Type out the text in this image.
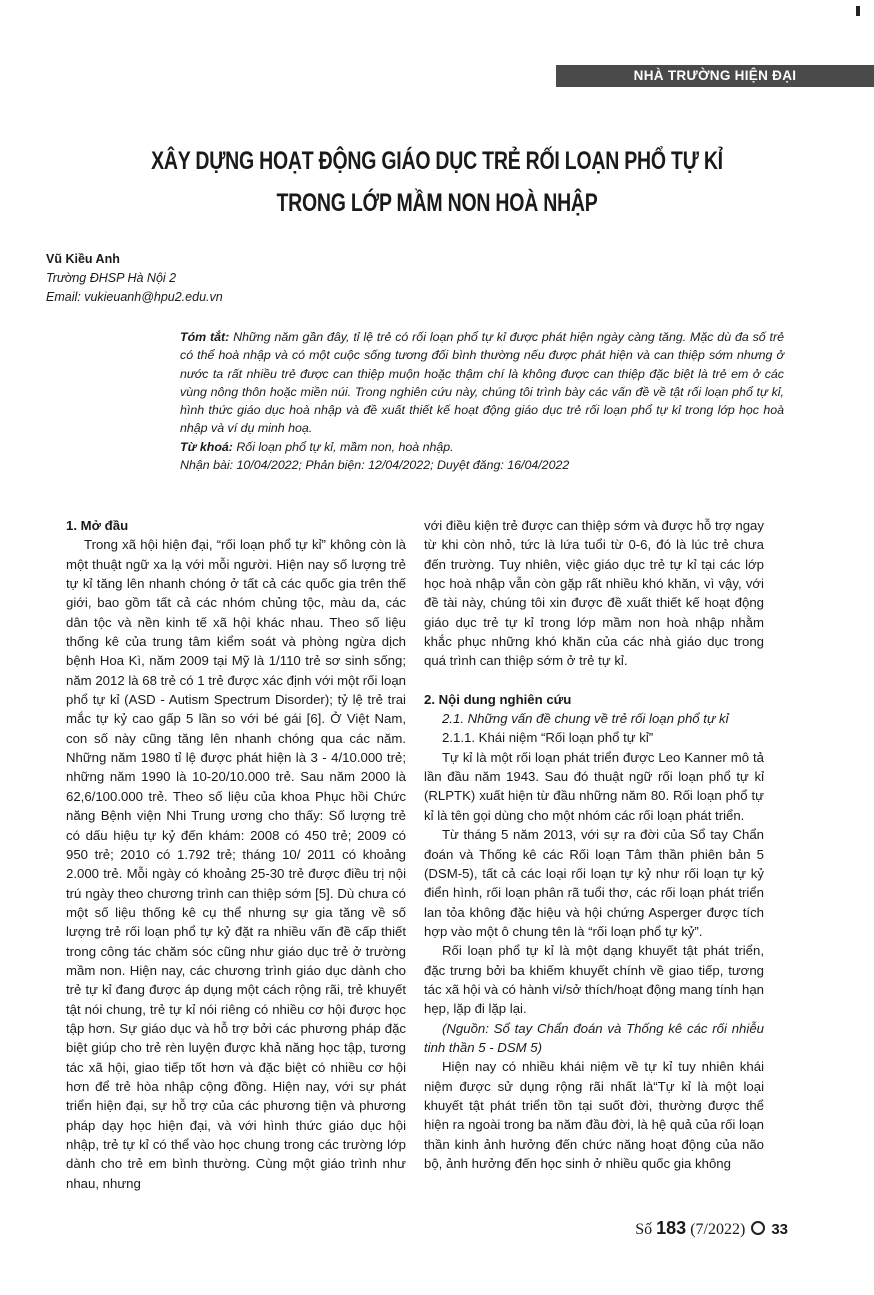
NHÀ TRƯỜNG HIỆN ĐẠI
XÂY DỰNG HOẠT ĐỘNG GIÁO DỤC TRẺ RỐI LOẠN PHỔ TỰ KỈ
TRONG LỚP MẦM NON HOÀ NHẬP
Vũ Kiều Anh
Trường ĐHSP Hà Nội 2
Email: vukieuanh@hpu2.edu.vn

Tóm tắt: Những năm gần đây, tỉ lệ trẻ có rối loạn phổ tự kỉ được phát hiện ngày càng tăng. Mặc dù đa số trẻ có thể hoà nhập và có một cuộc sống tương đối bình thường nếu được phát hiện và can thiệp sớm nhưng ở nước ta rất nhiều trẻ được can thiệp muộn hoặc thậm chí là không được can thiệp đặc biệt là trẻ em ở các vùng nông thôn hoặc miền núi. Trong nghiên cứu này, chúng tôi trình bày các vấn đề về tật rối loạn phổ tự kỉ, hình thức giáo dục hoà nhập và đề xuất thiết kế hoạt động giáo dục trẻ rối loạn phổ tự kỉ trong lớp học hoà nhập và ví dụ minh hoạ.

Từ khoá: Rối loạn phổ tự kỉ, mầm non, hoà nhập.

Nhận bài: 10/04/2022; Phản biện: 12/04/2022; Duyệt đăng: 16/04/2022

1. Mở đầu

Trong xã hội hiện đại, “rối loạn phổ tự kỉ” không còn là một thuật ngữ xa lạ với mỗi người. Hiện nay số lượng trẻ tự kỉ tăng lên nhanh chóng ở tất cả các quốc gia trên thế giới, bao gồm tất cả các nhóm chủng tộc, màu da, các dân tộc và nền kinh tế xã hội khác nhau. Theo số liệu thống kê của trung tâm kiểm soát và phòng ngừa dịch bệnh Hoa Kì, năm 2009 tại Mỹ là 1/110 trẻ sơ sinh sống; năm 2012 là 68 trẻ có 1 trẻ được xác định với một rối loạn phổ tự kỉ (ASD - Autism Spectrum Disorder); tỷ lệ trẻ trai mắc tự kỷ cao gấp 5 lần so với bé gái [6]. Ở Việt Nam, con số này cũng tăng lên nhanh chóng qua các năm. Những năm 1980 tỉ lệ được phát hiện là 3 - 4/10.000 trẻ; những năm 1990 là 10-20/10.000 trẻ. Sau năm 2000 là 62,6/100.000 trẻ. Theo số liệu của khoa Phục hồi Chức năng Bệnh viện Nhi Trung ương cho thấy: Số lượng trẻ có dấu hiệu tự kỷ đến khám: 2008 có 450 trẻ; 2009 có 950 trẻ; 2010 có 1.792 trẻ; tháng 10/ 2011 có khoảng 2.000 trẻ. Mỗi ngày có khoảng 25-30 trẻ được điều trị nội trú ngày theo chương trình can thiệp sớm [5]. Dù chưa có một số liệu thống kê cụ thể nhưng sự gia tăng về số lượng trẻ rối loạn phổ tự kỷ đặt ra nhiều vấn đề cấp thiết trong công tác chăm sóc cũng như giáo dục trẻ ở trường mầm non. Hiện nay, các chương trình giáo dục dành cho trẻ tự kỉ đang được áp dụng một cách rộng rãi, trẻ khuyết tật nói chung, trẻ tự kỉ nói riêng có nhiều cơ hội được học tập hơn. Sự giáo dục và hỗ trợ bởi các phương pháp đặc biệt giúp cho trẻ rèn luyện được khả năng học tập, tương tác xã hội, giao tiếp tốt hơn và đặc biệt có nhiều cơ hội hơn để trẻ hòa nhập cộng đồng. Hiện nay, với sự phát triển hiện đại, sự hỗ trợ của các phương tiện và phương pháp dạy học hiện đại, và với hình thức giáo dục hội nhập, trẻ tự kỉ có thể vào học chung trong các trường lớp dành cho trẻ em bình thường. Cùng một giáo trình như nhau, nhưng

với điều kiện trẻ được can thiệp sớm và được hỗ trợ ngay từ khi còn nhỏ, tức là lứa tuổi từ 0-6, đó là lúc trẻ chưa đến trường. Tuy nhiên, việc giáo dục trẻ tự kỉ tại các lớp học hoà nhập vẫn còn gặp rất nhiều khó khăn, vì vậy, với đề tài này, chúng tôi xin được đề xuất thiết kế hoạt động giáo dục trẻ tự kỉ trong lớp mầm non hoà nhập nhằm khắc phục những khó khăn của các nhà giáo dục trong quá trình can thiệp sớm ở trẻ tự kỉ.

2. Nội dung nghiên cứu

2.1. Những vấn đề chung về trẻ rối loạn phổ tự kỉ

2.1.1. Khái niệm “Rối loạn phổ tự kỉ”

Tự kỉ là một rối loạn phát triển được Leo Kanner mô tả lần đầu năm 1943. Sau đó thuật ngữ rối loạn phổ tự kỉ (RLPTK) xuất hiện từ đầu những năm 80. Rối loạn phổ tự kỉ là tên gọi dùng cho một nhóm các rối loạn phát triển.

Từ tháng 5 năm 2013, với sự ra đời của Sổ tay Chẩn đoán và Thống kê các Rối loạn Tâm thần phiên bản 5 (DSM-5), tất cả các loại rối loạn tự kỷ như rối loạn tự kỷ điển hình, rối loạn phân rã tuổi thơ, các rối loạn phát triển lan tỏa không đặc hiệu và hội chứng Asperger được tích hợp vào một ô chung tên là “rối loạn phổ tự kỷ”.

Rối loạn phổ tự kỉ là một dạng khuyết tật phát triển, đặc trưng bởi ba khiếm khuyết chính về giao tiếp, tương tác xã hội và có hành vi/sở thích/hoạt động mang tính hạn hẹp, lặp đi lặp lại.

(Nguồn: Sổ tay Chẩn đoán và Thống kê các rối nhiễu tinh thần 5 - DSM 5)

Hiện nay có nhiều khái niệm về tự kỉ tuy nhiên khái niệm được sử dụng rộng rãi nhất là“Tự kỉ là một loại khuyết tật phát triển tồn tại suốt đời, thường được thể hiện ra ngoài trong ba năm đầu đời, là hệ quả của rối loạn thần kinh ảnh hưởng đến chức năng hoạt động của não bộ, ảnh hưởng đến học sinh ở nhiều quốc gia không

Số 183 (7/2022) 33
